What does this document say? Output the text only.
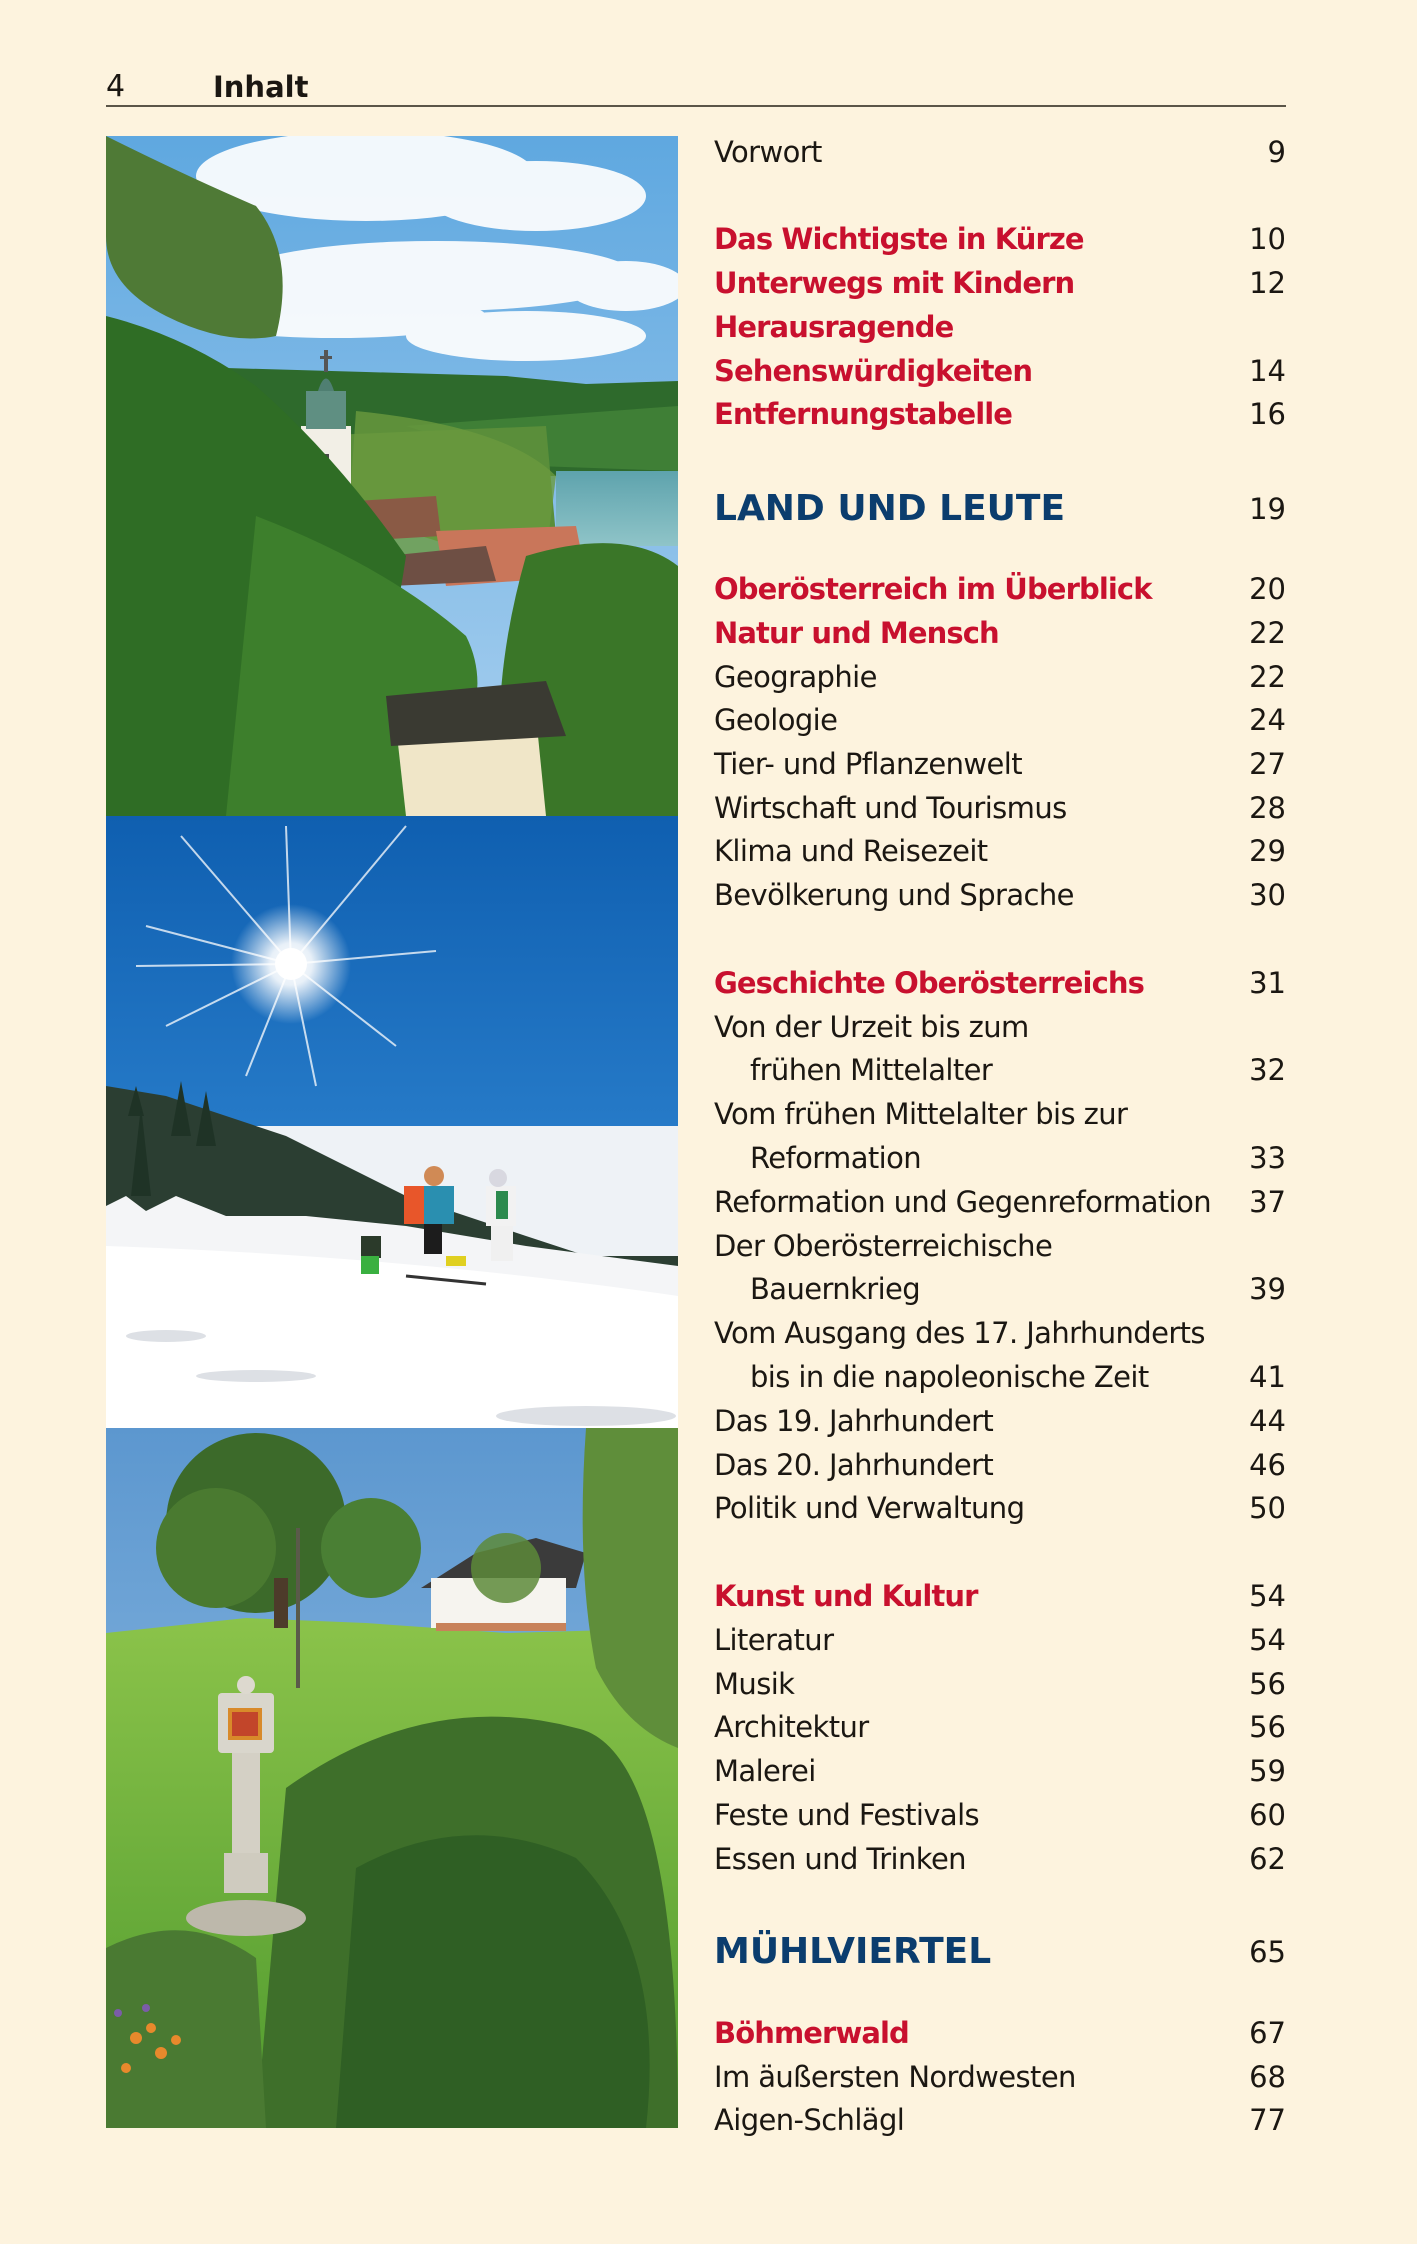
4	Inhalt
Vorwort	9
Das Wichtigste in Kürze	10
Unterwegs mit Kindern	12
Herausragende
Sehenswürdigkeiten	14
Entfernungstabelle	16
LAND UND LEUTE	19
Oberösterreich im Überblick	20
Natur und Mensch	22
Geographie	22
Geologie	24
Tier- und Pflanzenwelt	27
Wirtschaft und Tourismus	28
Klima und Reisezeit	29
Bevölkerung und Sprache	30
Geschichte Oberösterreichs	31
Von der Urzeit bis zum
frühen Mittelalter	32
Vom frühen Mittelalter bis zur
Reformation	33
Reformation und Gegenreformation 37
Der Oberösterreichische
Bauernkrieg	39
Vom Ausgang des 17. Jahrhunderts
bis in die napoleonische Zeit	41
Das 19. Jahrhundert	44
Das 20. Jahrhundert	46
Politik und Verwaltung	50
Kunst und Kultur	54
Literatur	54
Musik	56
Architektur	56
Malerei	59
Feste und Festivals	60
Essen und Trinken	62
MÜHLVIERTEL	65
Böhmerwald	67
Im äußersten Nordwesten	68
Aigen-Schlägl	77
